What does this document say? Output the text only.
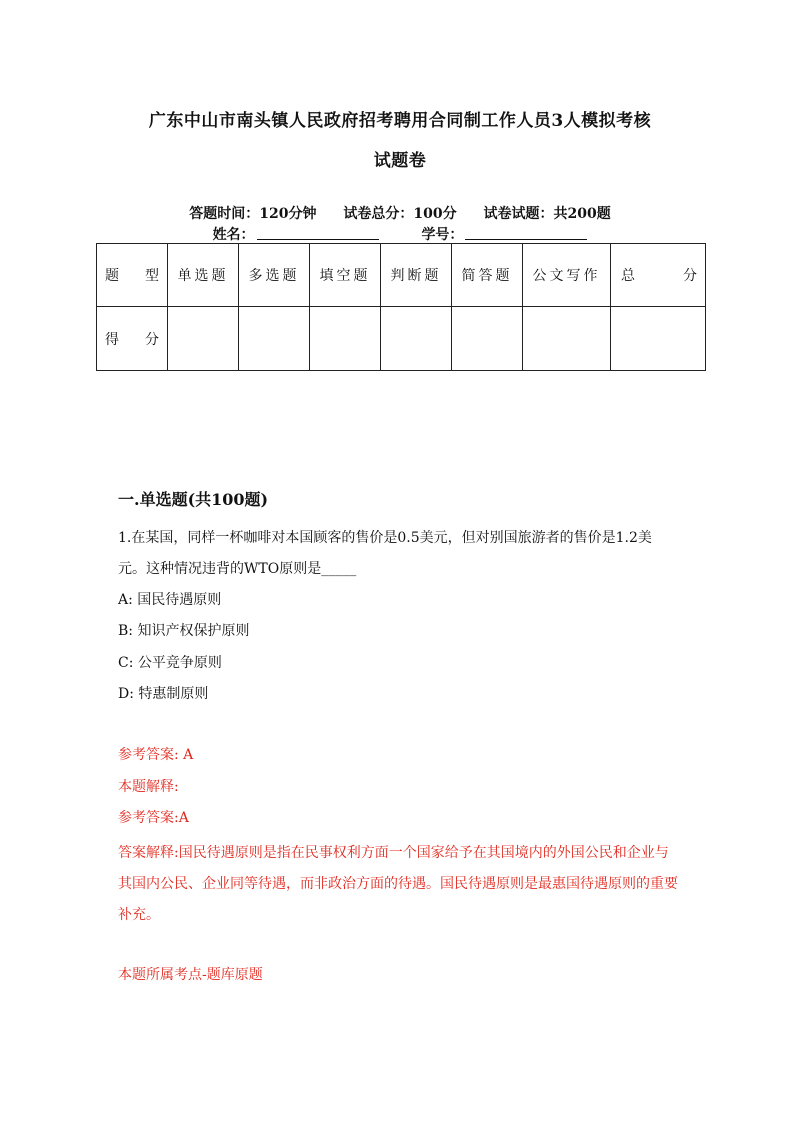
广东中山市南头镇人民政府招考聘用合同制工作人员3人模拟考核
试题卷
答题时间：120分钟 试卷总分：100分 试卷试题：共200题
姓名：	学号：
题 型	单选题	多选题	填空题	判断题	简答题	公文写作	总 分

得 分							

一.单选题(共100题)
1.在某国，同样一杯咖啡对本国顾客的售价是0.5美元，但对别国旅游者的售价是1.2美元。这种情况违背的WTO原则是_____
A: 国民待遇原则
B: 知识产权保护原则
C: 公平竞争原则
D: 特惠制原则
参考答案: A
本题解释:
参考答案:A
答案解释:国民待遇原则是指在民事权利方面一个国家给予在其国境内的外国公民和企业与其国内公民、企业同等待遇，而非政治方面的待遇。国民待遇原则是最惠国待遇原则的重要补充。
本题所属考点-题库原题
